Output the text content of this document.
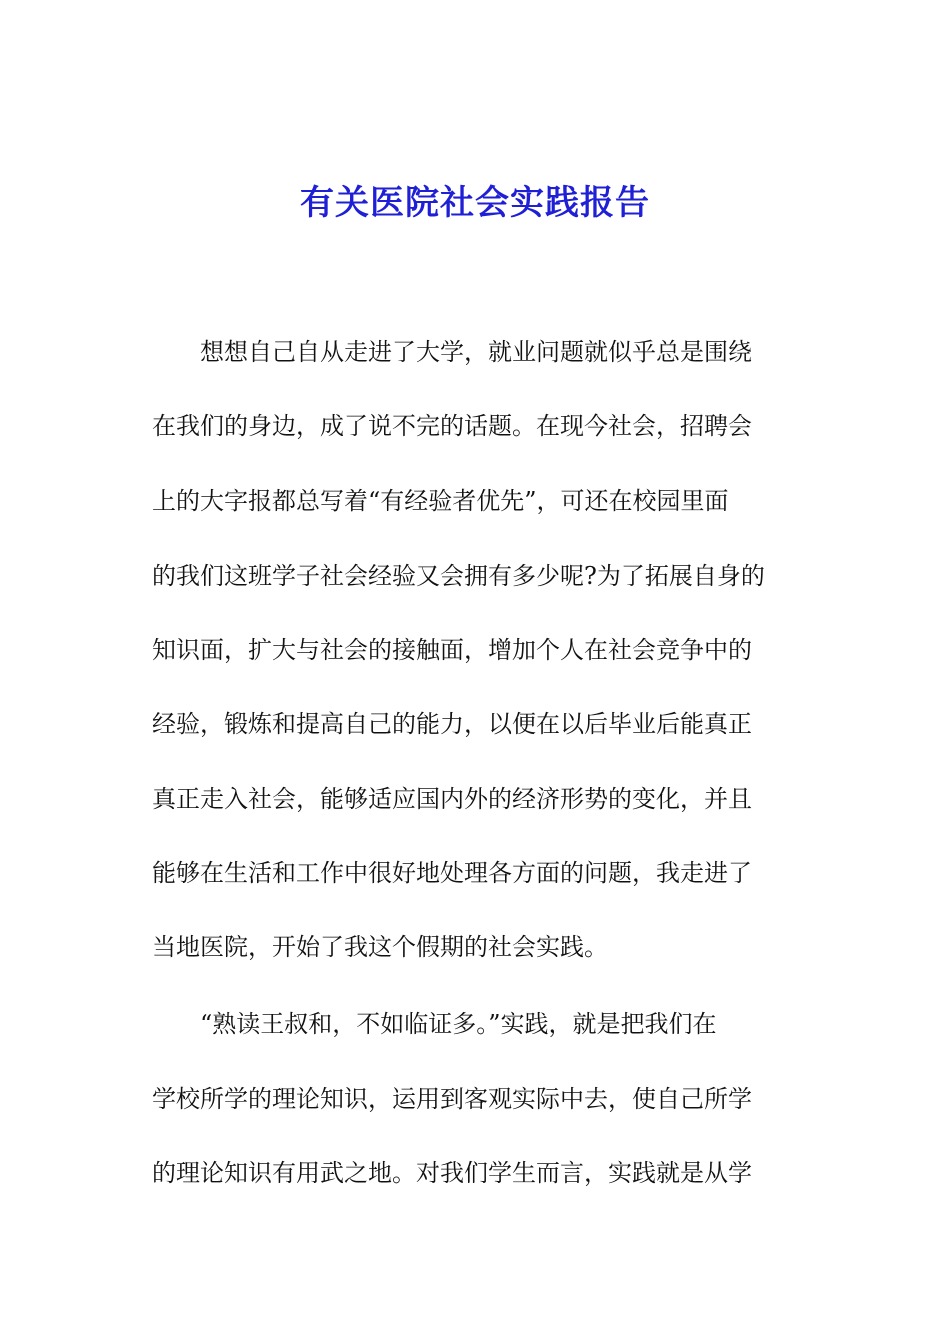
有关医院社会实践报告
想想自己自从走进了大学，就业问题就似乎总是围绕
在我们的身边，成了说不完的话题。在现今社会，招聘会
上的大字报都总写着“有经验者优先”，可还在校园里面
的我们这班学子社会经验又会拥有多少呢?为了拓展自身的
知识面，扩大与社会的接触面，增加个人在社会竞争中的
经验，锻炼和提高自己的能力，以便在以后毕业后能真正
真正走入社会，能够适应国内外的经济形势的变化，并且
能够在生活和工作中很好地处理各方面的问题，我走进了
当地医院，开始了我这个假期的社会实践。
“熟读王叔和，不如临证多。”实践，就是把我们在
学校所学的理论知识，运用到客观实际中去，使自己所学
的理论知识有用武之地。对我们学生而言，实践就是从学
